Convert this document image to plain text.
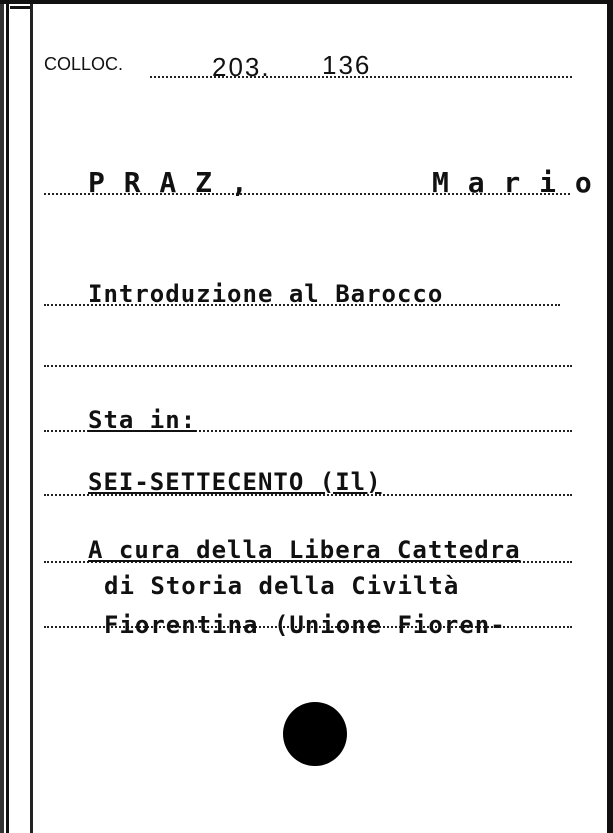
COLLOC.	203. 136
P R A Z ,	M a r i o
Introduzione al Barocco
Sta in:
SEI-SETTECENTO (Il)
A cura della Libera Cattedra
di Storia della Civiltà
Fiorentina (Unione Fioren-
